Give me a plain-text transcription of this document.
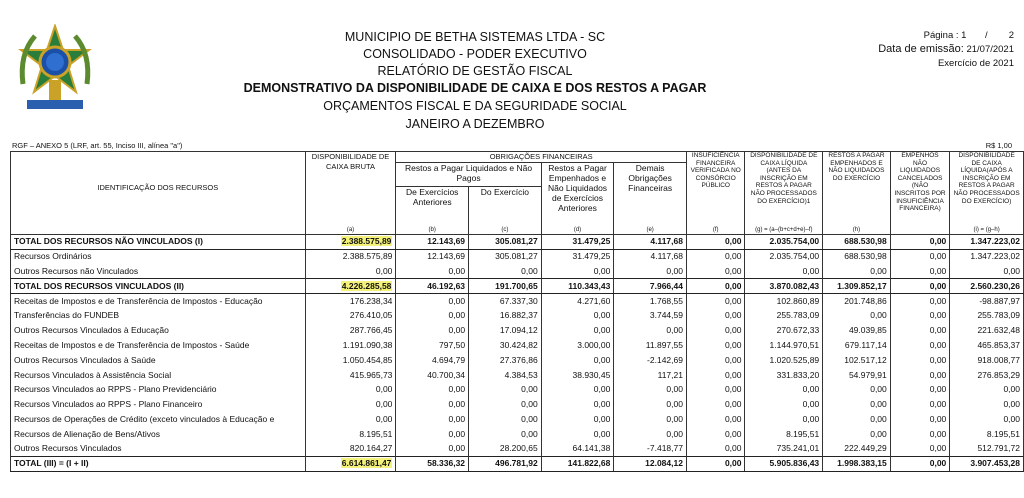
MUNICIPIO DE BETHA SISTEMAS LTDA - SC
CONSOLIDADO - PODER EXECUTIVO
RELATÓRIO DE GESTÃO FISCAL
DEMONSTRATIVO DA DISPONIBILIDADE DE CAIXA E DOS RESTOS A PAGAR
ORÇAMENTOS FISCAL E DA SEGURIDADE SOCIAL
JANEIRO A DEZEMBRO
Página : 1 / 2
Data de emissão: 21/07/2021
Exercício de 2021
RGF – ANEXO 5 (LRF, art. 55, Inciso III, alínea "a")	R$ 1,00
IDENTIFICAÇÃO DOS RECURSOS	DISPONIBILIDADE DE CAIXA BRUTA	OBRIGAÇÕES FINANCEIRAS				INSUFICIÊNCIA FINANCEIRA VERIFICADA NO CONSÓRCIO PÚBLICO	DISPONIBILIDADE DE CAIXA LÍQUIDA (ANTES DA INSCRIÇÃO EM RESTOS A PAGAR NÃO PROCESSADOS DO EXERCÍCIO)1	RESTOS A PAGAR EMPENHADOS E NÃO LIQUIDADOS DO EXERCÍCIO	EMPENHOS NÃO LIQUIDADOS CANCELADOS (NÃO INSCRITOS POR INSUFICIÊNCIA FINANCEIRA)	DISPONIBILIDADE DE CAIXA LÍQUIDA(APÓS A INSCRIÇÃO EM RESTOS A PAGAR NÃO PROCESSADOS DO EXERCÍCIO)
		Restos a Pagar Liquidados e Não Pagos		Restos a Pagar Empenhados e Não Liquidados de Exercícios Anteriores	Demais Obrigações Financeiras					
		De Exercícios Anteriores	Do Exercício							
	(a)	(b)	(c)	(d)	(e)	(f)	(g) = (a–(b+c+d+e)–f)	(h)		(i) = (g–h)
TOTAL DOS RECURSOS NÃO VINCULADOS (I)	2.388.575,89	12.143,69	305.081,27	31.479,25	4.117,68	0,00	2.035.754,00	688.530,98	0,00	1.347.223,02
Recursos Ordinários	2.388.575,89	12.143,69	305.081,27	31.479,25	4.117,68	0,00	2.035.754,00	688.530,98	0,00	1.347.223,02
Outros Recursos não Vinculados	0,00	0,00	0,00	0,00	0,00	0,00	0,00	0,00	0,00	0,00
TOTAL DOS RECURSOS VINCULADOS (II)	4.226.285,58	46.192,63	191.700,65	110.343,43	7.966,44	0,00	3.870.082,43	1.309.852,17	0,00	2.560.230,26
Receitas de Impostos e de Transferência de Impostos - Educação	176.238,34	0,00	67.337,30	4.271,60	1.768,55	0,00	102.860,89	201.748,86	0,00	-98.887,97
Transferências do FUNDEB	276.410,05	0,00	16.882,37	0,00	3.744,59	0,00	255.783,09	0,00	0,00	255.783,09
Outros Recursos Vinculados à Educação	287.766,45	0,00	17.094,12	0,00	0,00	0,00	270.672,33	49.039,85	0,00	221.632,48
Receitas de Impostos e de Transferência de Impostos - Saúde	1.191.090,38	797,50	30.424,82	3.000,00	11.897,55	0,00	1.144.970,51	679.117,14	0,00	465.853,37
Outros Recursos Vinculados à Saúde	1.050.454,85	4.694,79	27.376,86	0,00	-2.142,69	0,00	1.020.525,89	102.517,12	0,00	918.008,77
Recursos Vinculados à Assistência Social	415.965,73	40.700,34	4.384,53	38.930,45	117,21	0,00	331.833,20	54.979,91	0,00	276.853,29
Recursos Vinculados ao RPPS - Plano Previdenciário	0,00	0,00	0,00	0,00	0,00	0,00	0,00	0,00	0,00	0,00
Recursos Vinculados ao RPPS - Plano Financeiro	0,00	0,00	0,00	0,00	0,00	0,00	0,00	0,00	0,00	0,00
Recursos de Operações de Crédito (exceto vinculados à Educação e	0,00	0,00	0,00	0,00	0,00	0,00	0,00	0,00	0,00	0,00
Recursos de Alienação de Bens/Ativos	8.195,51	0,00	0,00	0,00	0,00	0,00	8.195,51	0,00	0,00	8.195,51
Outros Recursos Vinculados	820.164,27	0,00	28.200,65	64.141,38	-7.418,77	0,00	735.241,01	222.449,29	0,00	512.791,72
TOTAL (III) = (I + II)	6.614.861,47	58.336,32	496.781,92	141.822,68	12.084,12	0,00	5.905.836,43	1.998.383,15	0,00	3.907.453,28
